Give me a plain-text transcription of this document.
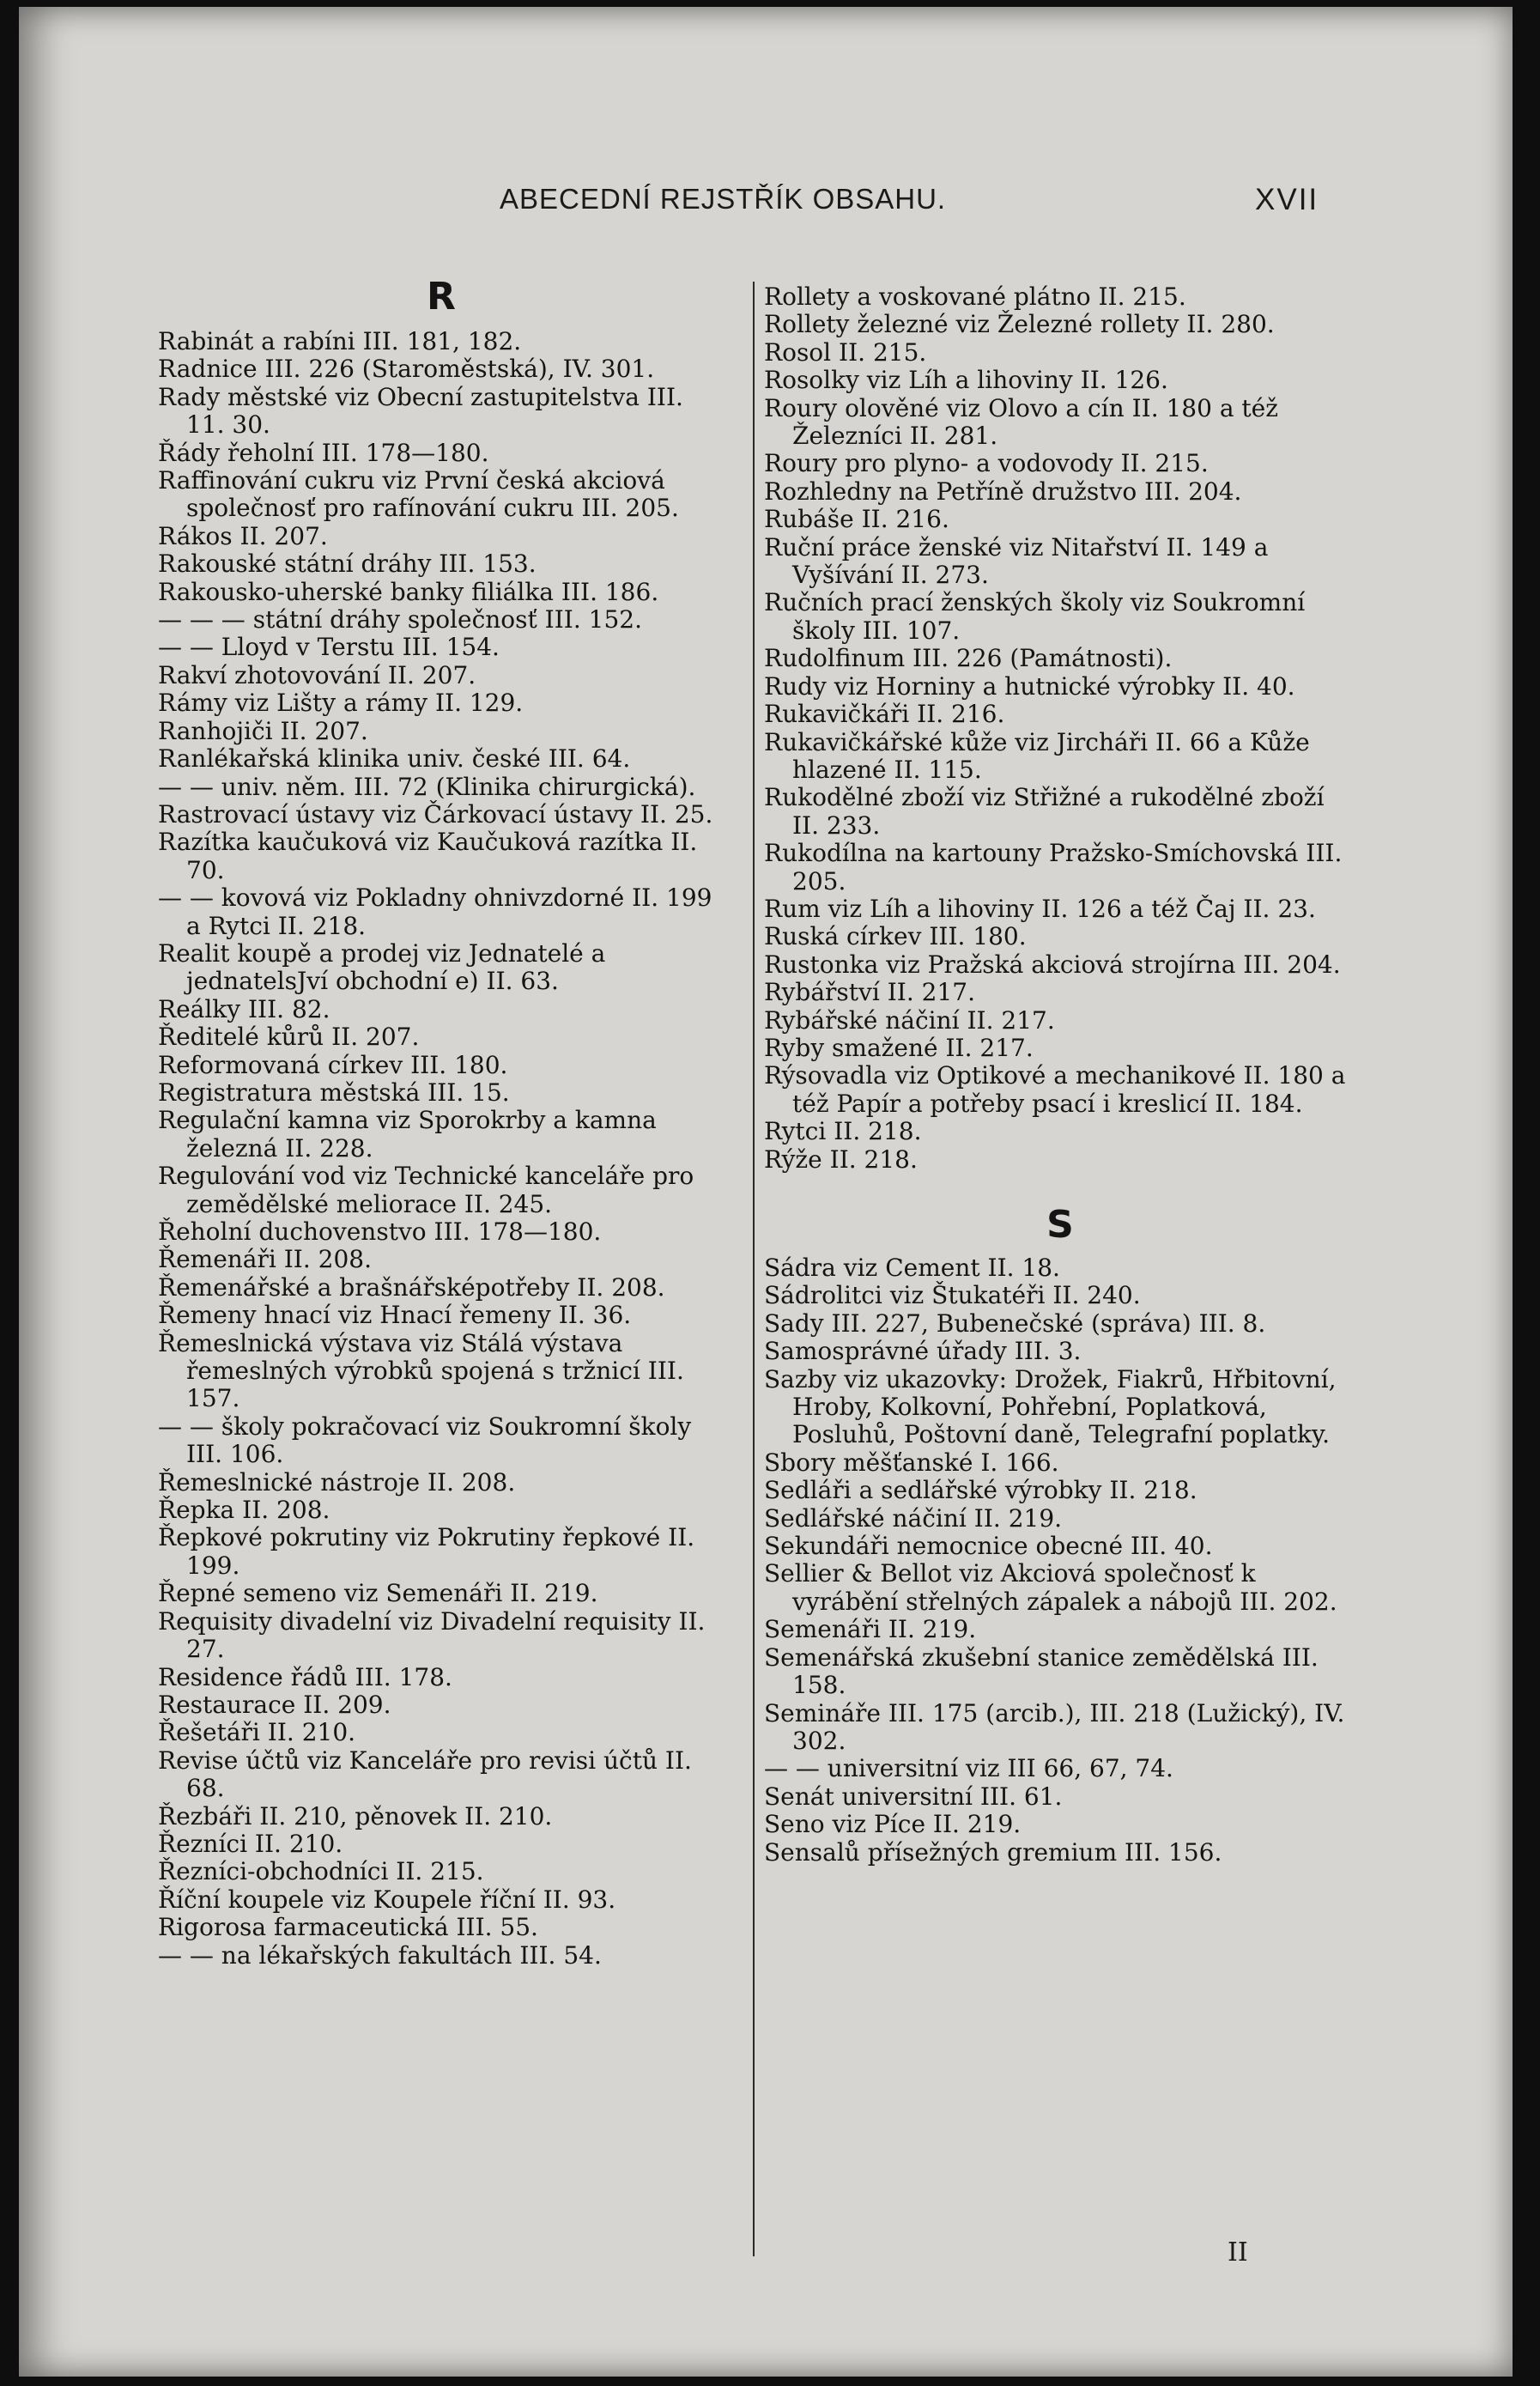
ABECEDNÍ REJSTŘÍK OBSAHU.	XVII
R
Rabinát a rabíni III. 181, 182.
Radnice III. 226 (Staroměstská), IV. 301.
Rady městské viz Obecní zastupitelstva III. 11. 30.
Řády řeholní III. 178—180.
Raffinování cukru viz První česká akciová společnosť pro rafínování cukru III. 205.
Rákos II. 207.
Rakouské státní dráhy III. 153.
Rakousko-uherské banky filiálka III. 186.
— — — státní dráhy společnosť III. 152.
— — Lloyd v Terstu III. 154.
Rakví zhotovování II. 207.
Rámy viz Lišty a rámy II. 129.
Ranhojiči II. 207.
Ranlékařská klinika univ. české III. 64.
— — univ. něm. III. 72 (Klinika chirurgická).
Rastrovací ústavy viz Čárkovací ústavy II. 25.
Razítka kaučuková viz Kaučuková razítka II. 70.
— — kovová viz Pokladny ohnivzdorné II. 199 a Rytci II. 218.
Realit koupě a prodej viz Jednatelé a jednatelsJví obchodní e) II. 63.
Reálky III. 82.
Ředitelé kůrů II. 207.
Reformovaná církev III. 180.
Registratura městská III. 15.
Regulační kamna viz Sporokrby a kamna železná II. 228.
Regulování vod viz Technické kanceláře pro zemědělské meliorace II. 245.
Řeholní duchovenstvo III. 178—180.
Řemenáři II. 208.
Řemenářské a brašnářsképotřeby II. 208.
Řemeny hnací viz Hnací řemeny II. 36.
Řemeslnická výstava viz Stálá výstava řemeslných výrobků spojená s tržnicí III. 157.
— — školy pokračovací viz Soukromní školy III. 106.
Řemeslnické nástroje II. 208.
Řepka II. 208.
Řepkové pokrutiny viz Pokrutiny řepkové II. 199.
Řepné semeno viz Semenáři II. 219.
Requisity divadelní viz Divadelní requisity II. 27.
Residence řádů III. 178.
Restaurace II. 209.
Řešetáři II. 210.
Revise účtů viz Kanceláře pro revisi účtů II. 68.
Řezbáři II. 210, pěnovek II. 210.
Řezníci II. 210.
Řezníci-obchodníci II. 215.
Říční koupele viz Koupele říční II. 93.
Rigorosa farmaceutická III. 55.
— — na lékařských fakultách III. 54.
Rollety a voskované plátno II. 215.
Rollety železné viz Železné rollety II. 280.
Rosol II. 215.
Rosolky viz Líh a lihoviny II. 126.
Roury olověné viz Olovo a cín II. 180 a též Železníci II. 281.
Roury pro plyno- a vodovody II. 215.
Rozhledny na Petříně družstvo III. 204.
Rubáše II. 216.
Ruční práce ženské viz Nitařství II. 149 a Vyšívání II. 273.
Ručních prací ženských školy viz Soukromní školy III. 107.
Rudolfinum III. 226 (Památnosti).
Rudy viz Horniny a hutnické výrobky II. 40.
Rukavičkáři II. 216.
Rukavičkářské kůže viz Jircháři II. 66 a Kůže hlazené II. 115.
Rukodělné zboží viz Střižné a rukodělné zboží II. 233.
Rukodílna na kartouny Pražsko-Smíchovská III. 205.
Rum viz Líh a lihoviny II. 126 a též Čaj II. 23.
Ruská církev III. 180.
Rustonka viz Pražská akciová strojírna III. 204.
Rybářství II. 217.
Rybářské náčiní II. 217.
Ryby smažené II. 217.
Rýsovadla viz Optikové a mechanikové II. 180 a též Papír a potřeby psací i kreslicí II. 184.
Rytci II. 218.
Rýže II. 218.
S
Sádra viz Cement II. 18.
Sádrolitci viz Štukatéři II. 240.
Sady III. 227, Bubenečské (správa) III. 8.
Samosprávné úřady III. 3.
Sazby viz ukazovky: Drožek, Fiakrů, Hřbitovní, Hroby, Kolkovní, Pohřební, Poplatková, Posluhů, Poštovní daně, Telegrafní poplatky.
Sbory měšťanské I. 166.
Sedláři a sedlářské výrobky II. 218.
Sedlářské náčiní II. 219.
Sekundáři nemocnice obecné III. 40.
Sellier & Bellot viz Akciová společnosť k vyrábění střelných zápalek a nábojů III. 202.
Semenáři II. 219.
Semenářská zkušební stanice zemědělská III. 158.
Semináře III. 175 (arcib.), III. 218 (Lužický), IV. 302.
— — universitní viz III 66, 67, 74.
Senát universitní III. 61.
Seno viz Píce II. 219.
Sensalů přísežných gremium III. 156.
II
